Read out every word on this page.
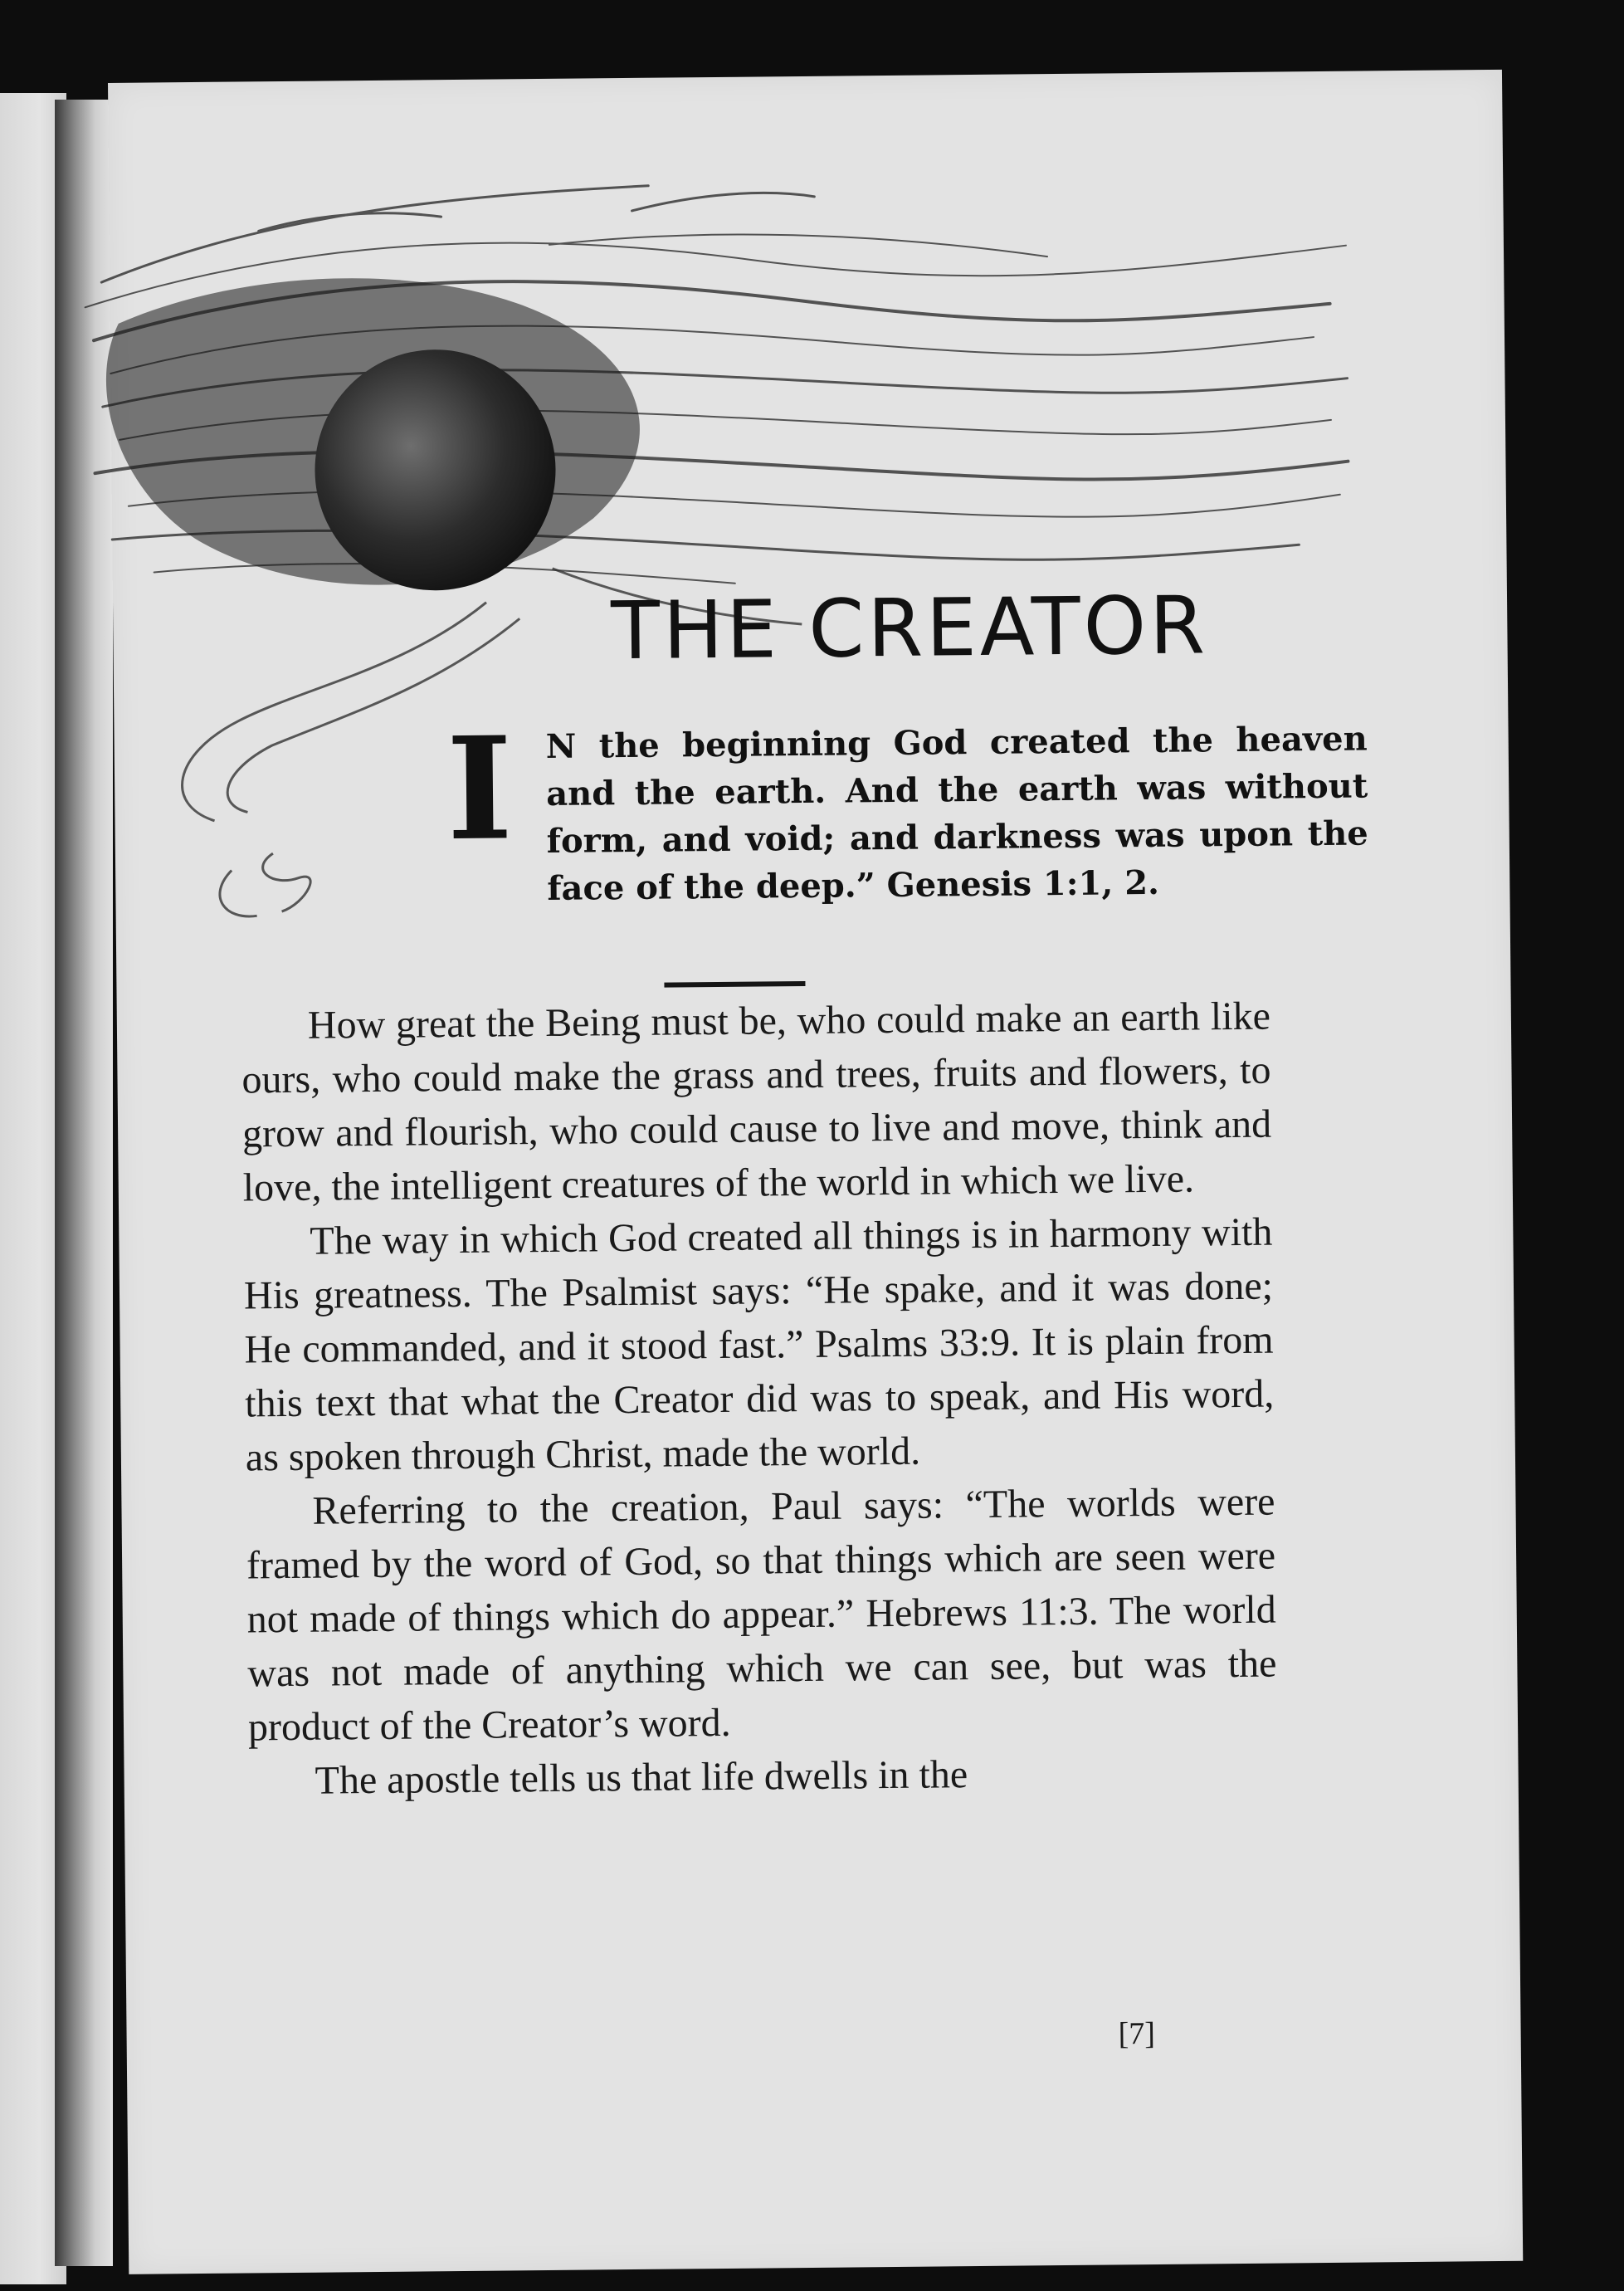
THE CREATOR
I N the beginning God created the heaven and the earth. And the earth was without form, and void; and darkness was upon the face of the deep.” Genesis 1:1, 2.

How great the Being must be, who could make an earth like ours, who could make the grass and trees, fruits and flowers, to grow and flourish, who could cause to live and move, think and love, the intelligent creatures of the world in which we live.

The way in which God created all things is in harmony with His greatness. The Psalmist says: “He spake, and it was done; He commanded, and it stood fast.” Psalms 33:9. It is plain from this text that what the Creator did was to speak, and His word, as spoken through Christ, made the world.

Referring to the creation, Paul says: “The worlds were framed by the word of God, so that things which are seen were not made of things which do appear.” Hebrews 11:3. The world was not made of anything which we can see, but was the product of the Creator’s word.

The apostle tells us that life dwells in the

[7]
